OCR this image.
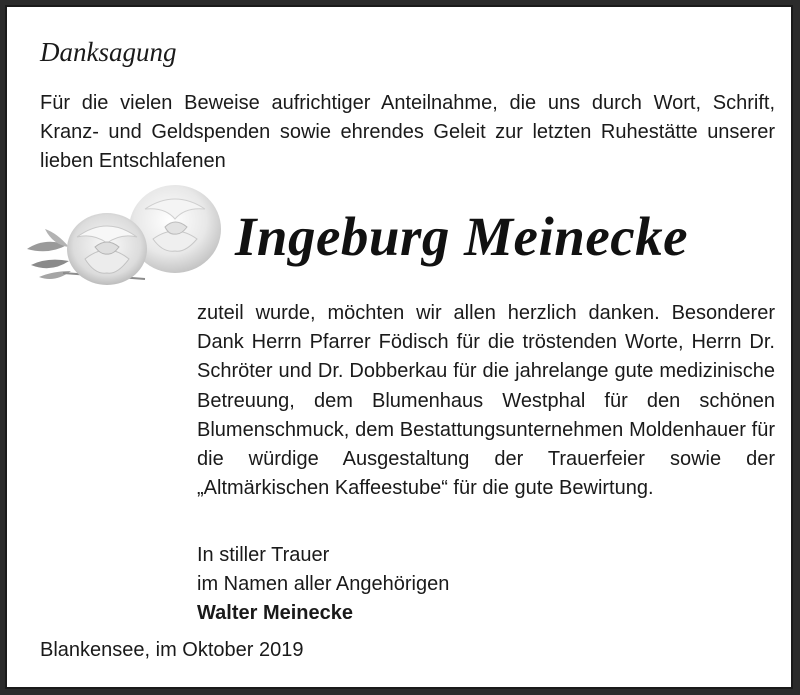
Danksagung
Für die vielen Beweise aufrichtiger Anteilnahme, die uns durch Wort, Schrift, Kranz- und Geldspenden sowie ehrendes Geleit zur letzten Ruhestätte unserer lieben Entschlafenen
Ingeburg Meinecke
zuteil wurde, möchten wir allen herzlich danken. Besonderer Dank Herrn Pfarrer Födisch für die tröstenden Worte, Herrn Dr. Schröter und Dr. Dobberkau für die jahrelange gute medizinische Betreuung, dem Blumenhaus Westphal für den schönen Blumenschmuck, dem Bestattungsunternehmen Moldenhauer für die würdige Ausgestaltung der Trauerfeier sowie der „Altmärkischen Kaffeestube“ für die gute Bewirtung.
In stiller Trauer
im Namen aller Angehörigen
Walter Meinecke
Blankensee, im Oktober 2019
